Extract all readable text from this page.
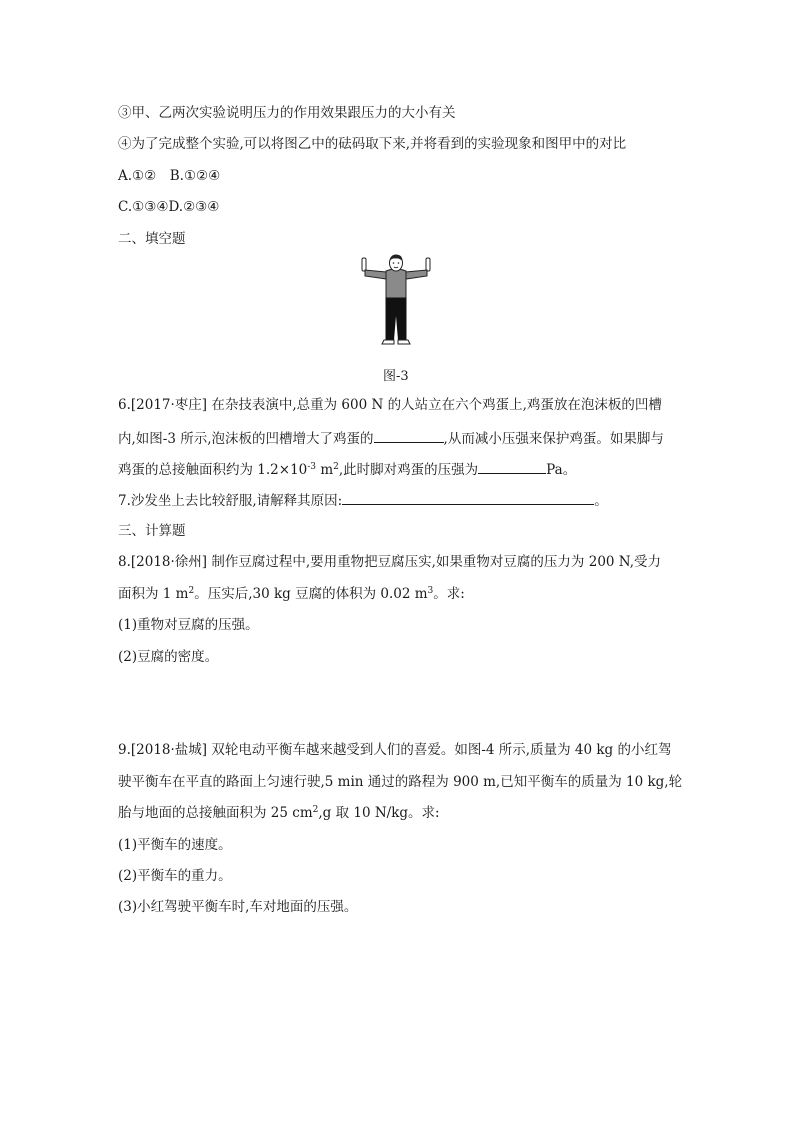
③甲、乙两次实验说明压力的作用效果跟压力的大小有关
④为了完成整个实验,可以将图乙中的砝码取下来,并将看到的实验现象和图甲中的对比
A.①②　B.①②④
C.①③④D.②③④
二、填空题
图-3
6.[2017·枣庄] 在杂技表演中,总重为 600 N 的人站立在六个鸡蛋上,鸡蛋放在泡沫板的凹槽
内,如图-3 所示,泡沫板的凹槽增大了鸡蛋的	,从而减小压强来保护鸡蛋。如果脚与
鸡蛋的总接触面积约为 $1.2\times 10^{-3}$ $m^2$,此时脚对鸡蛋的压强为	Pa。
7.沙发坐上去比较舒服,请解释其原因:	。
三、计算题
8.[2018·徐州] 制作豆腐过程中,要用重物把豆腐压实,如果重物对豆腐的压力为 200 N,受力
面积为 1 $m^2$。压实后,30 kg 豆腐的体积为 0.02 $m^3$。求:
(1)重物对豆腐的压强。
(2)豆腐的密度。
9.[2018·盐城] 双轮电动平衡车越来越受到人们的喜爱。如图-4 所示,质量为 40 kg 的小红驾
驶平衡车在平直的路面上匀速行驶,5 min 通过的路程为 900 m,已知平衡车的质量为 10 kg,轮
胎与地面的总接触面积为 25 $cm^2,g$ 取 10 N/kg。求:
(1)平衡车的速度。
(2)平衡车的重力。
(3)小红驾驶平衡车时,车对地面的压强。
